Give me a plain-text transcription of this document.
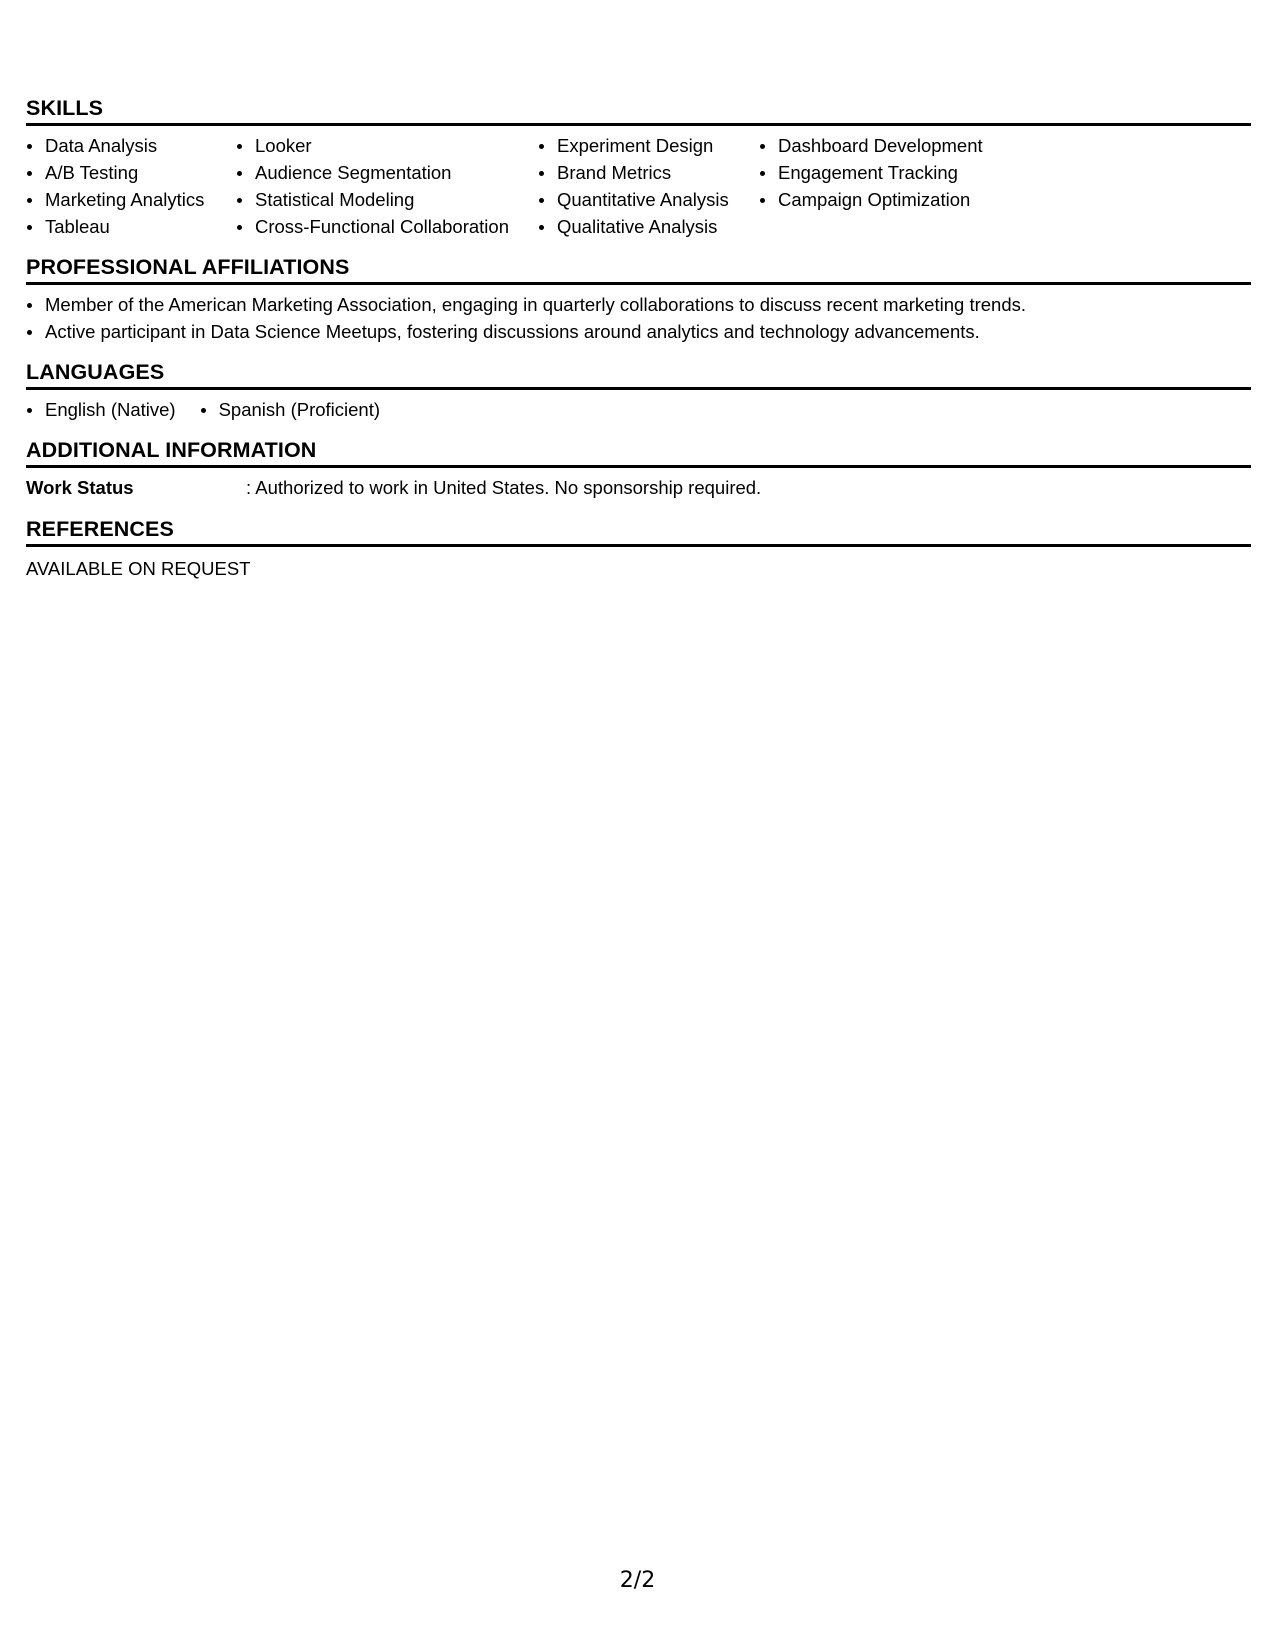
SKILLS
Data Analysis
A/B Testing
Marketing Analytics
Tableau
Looker
Audience Segmentation
Statistical Modeling
Cross-Functional Collaboration
Experiment Design
Brand Metrics
Quantitative Analysis
Qualitative Analysis
Dashboard Development
Engagement Tracking
Campaign Optimization
PROFESSIONAL AFFILIATIONS
Member of the American Marketing Association, engaging in quarterly collaborations to discuss recent marketing trends.
Active participant in Data Science Meetups, fostering discussions around analytics and technology advancements.
LANGUAGES
English (Native)	Spanish (Proficient)
ADDITIONAL INFORMATION
Work Status	: Authorized to work in United States. No sponsorship required.
REFERENCES
AVAILABLE ON REQUEST
2/2
